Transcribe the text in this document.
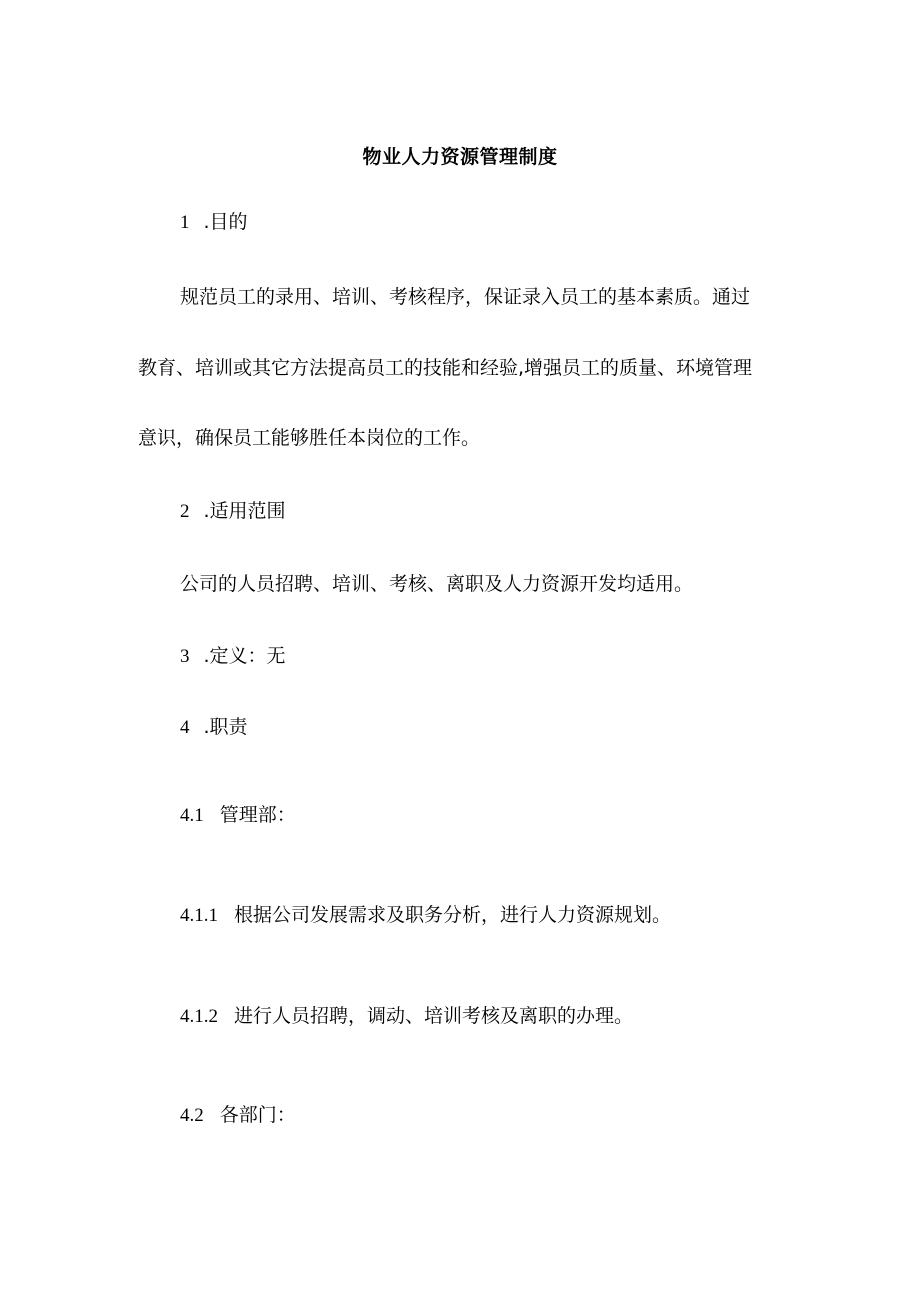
物业人力资源管理制度
1 .目的
规范员工的录用、培训、考核程序，保证录入员工的基本素质。通过
教育、培训或其它方法提高员工的技能和经验,增强员工的质量、环境管理
意识，确保员工能够胜任本岗位的工作。
2 .适用范围
公司的人员招聘、培训、考核、离职及人力资源开发均适用。
3 .定义：无
4 .职责
4.1 管理部：
4.1.1 根据公司发展需求及职务分析，进行人力资源规划。
4.1.2 进行人员招聘，调动、培训考核及离职的办理。
4.2 各部门：
